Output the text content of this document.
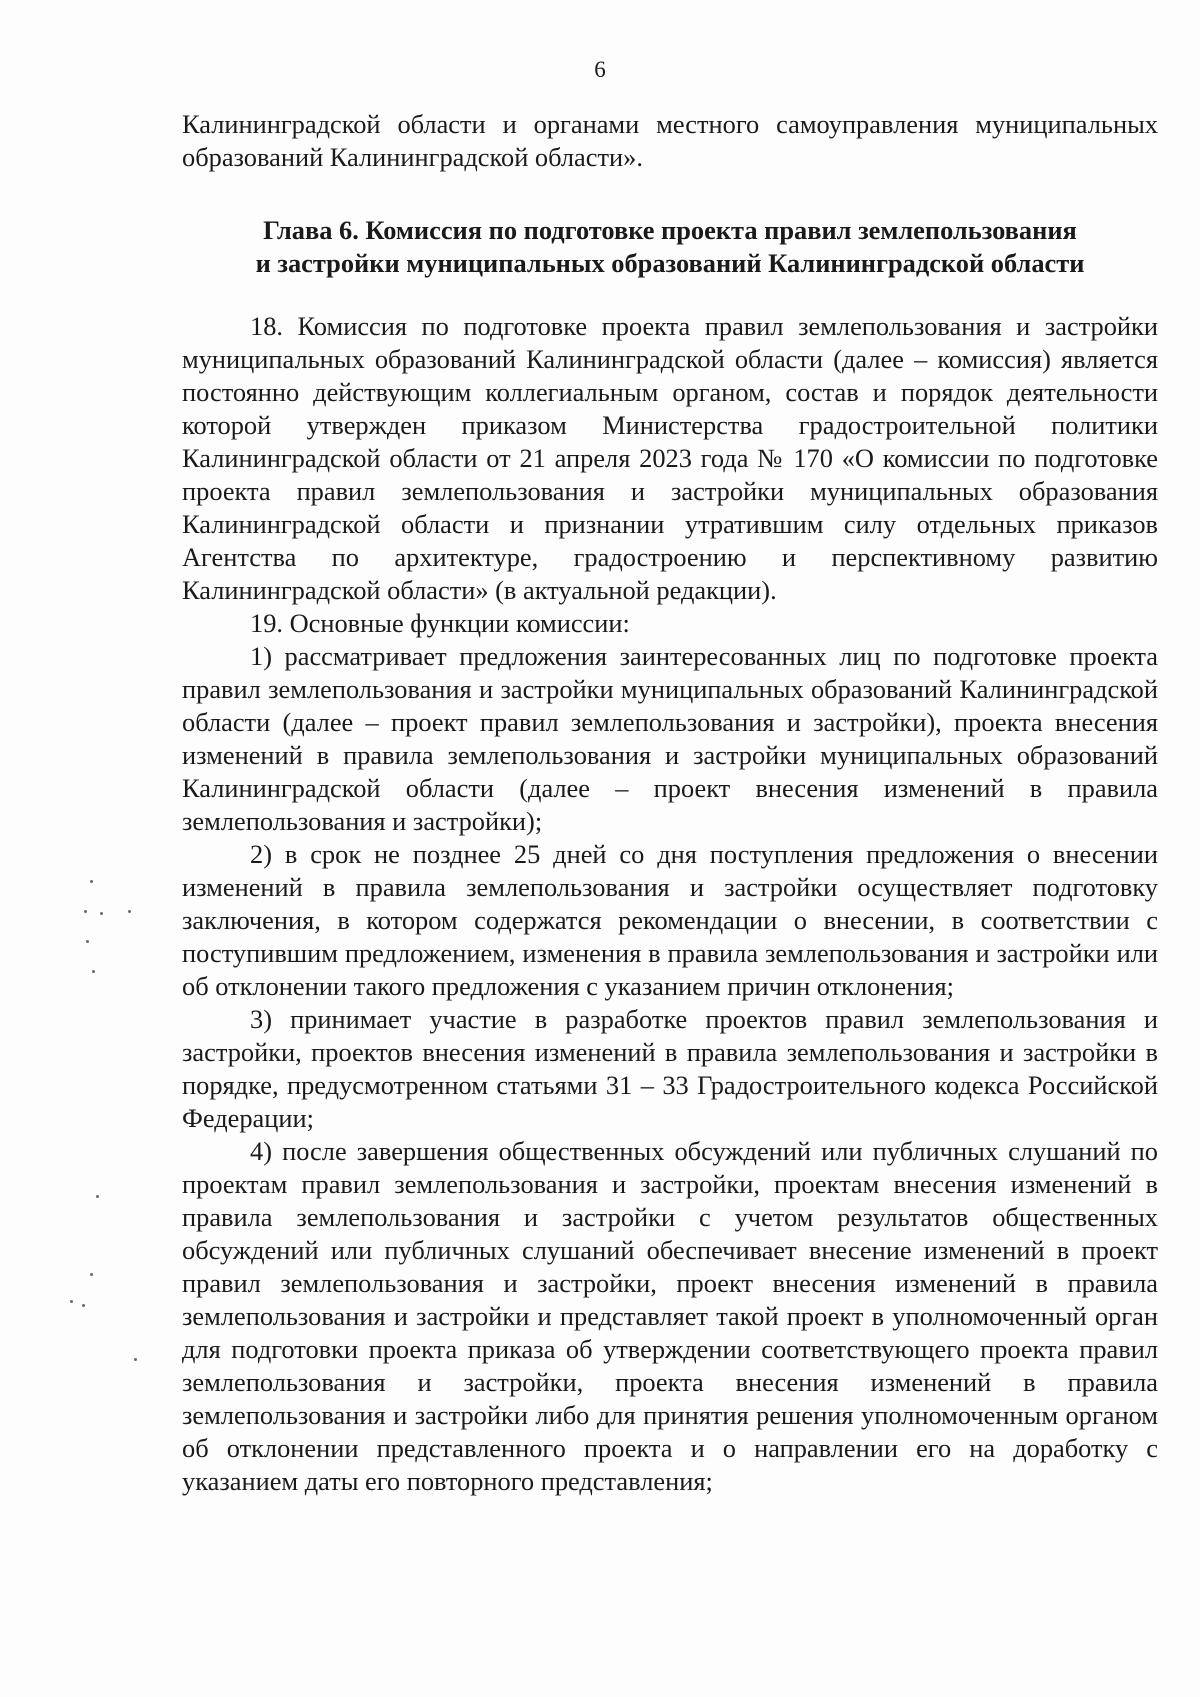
6

Калининградской области и органами местного самоуправления муниципальных образований Калининградской области».

Глава 6. Комиссия по подготовке проекта правил землепользования
и застройки муниципальных образований Калининградской области

18. Комиссия по подготовке проекта правил землепользования и застройки муниципальных образований Калининградской области (далее – комиссия) является постоянно действующим коллегиальным органом, состав и порядок деятельности которой утвержден приказом Министерства градостроительной политики Калининградской области от 21 апреля 2023 года № 170 «О комиссии по подготовке проекта правил землепользования и застройки муниципальных образования Калининградской области и признании утратившим силу отдельных приказов Агентства по архитектуре, градостроению и перспективному развитию Калининградской области» (в актуальной редакции).

19. Основные функции комиссии:

1) рассматривает предложения заинтересованных лиц по подготовке проекта правил землепользования и застройки муниципальных образований Калининградской области (далее – проект правил землепользования и застройки), проекта внесения изменений в правила землепользования и застройки муниципальных образований Калининградской области (далее – проект внесения изменений в правила землепользования и застройки);

2) в срок не позднее 25 дней со дня поступления предложения о внесении изменений в правила землепользования и застройки осуществляет подготовку заключения, в котором содержатся рекомендации о внесении, в соответствии с поступившим предложением, изменения в правила землепользования и застройки или об отклонении такого предложения с указанием причин отклонения;

3) принимает участие в разработке проектов правил землепользования и застройки, проектов внесения изменений в правила землепользования и застройки в порядке, предусмотренном статьями 31 – 33 Градостроительного кодекса Российской Федерации;

4) после завершения общественных обсуждений или публичных слушаний по проектам правил землепользования и застройки, проектам внесения изменений в правила землепользования и застройки с учетом результатов общественных обсуждений или публичных слушаний обеспечивает внесение изменений в проект правил землепользования и застройки, проект внесения изменений в правила землепользования и застройки и представляет такой проект в уполномоченный орган для подготовки проекта приказа об утверждении соответствующего проекта правил землепользования и застройки, проекта внесения изменений в правила землепользования и застройки либо для принятия решения уполномоченным органом об отклонении представленного проекта и о направлении его на доработку с указанием даты его повторного представления;
